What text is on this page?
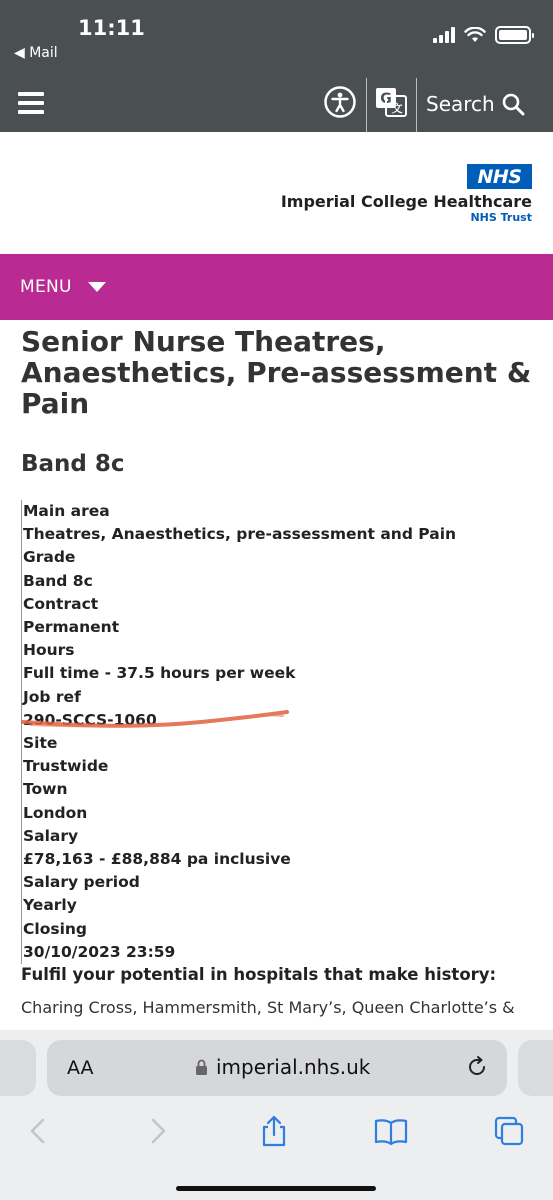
11:11
◀ Mail
G
文 Search
NHS
Imperial College Healthcare
NHS Trust
MENU
Senior Nurse Theatres, Anaesthetics, Pre-assessment & Pain
Band 8c
Main area
Theatres, Anaesthetics, pre-assessment and Pain
Grade
Band 8c
Contract
Permanent
Hours
Full time - 37.5 hours per week
Job ref
290-SCCS-1060
Site
Trustwide
Town
London
Salary
£78,163 - £88,884 pa inclusive
Salary period
Yearly
Closing
30/10/2023 23:59
Fulfil your potential in hospitals that make history:
Charing Cross, Hammersmith, St Mary’s, Queen Charlotte’s &
AA	imperial.nhs.uk
